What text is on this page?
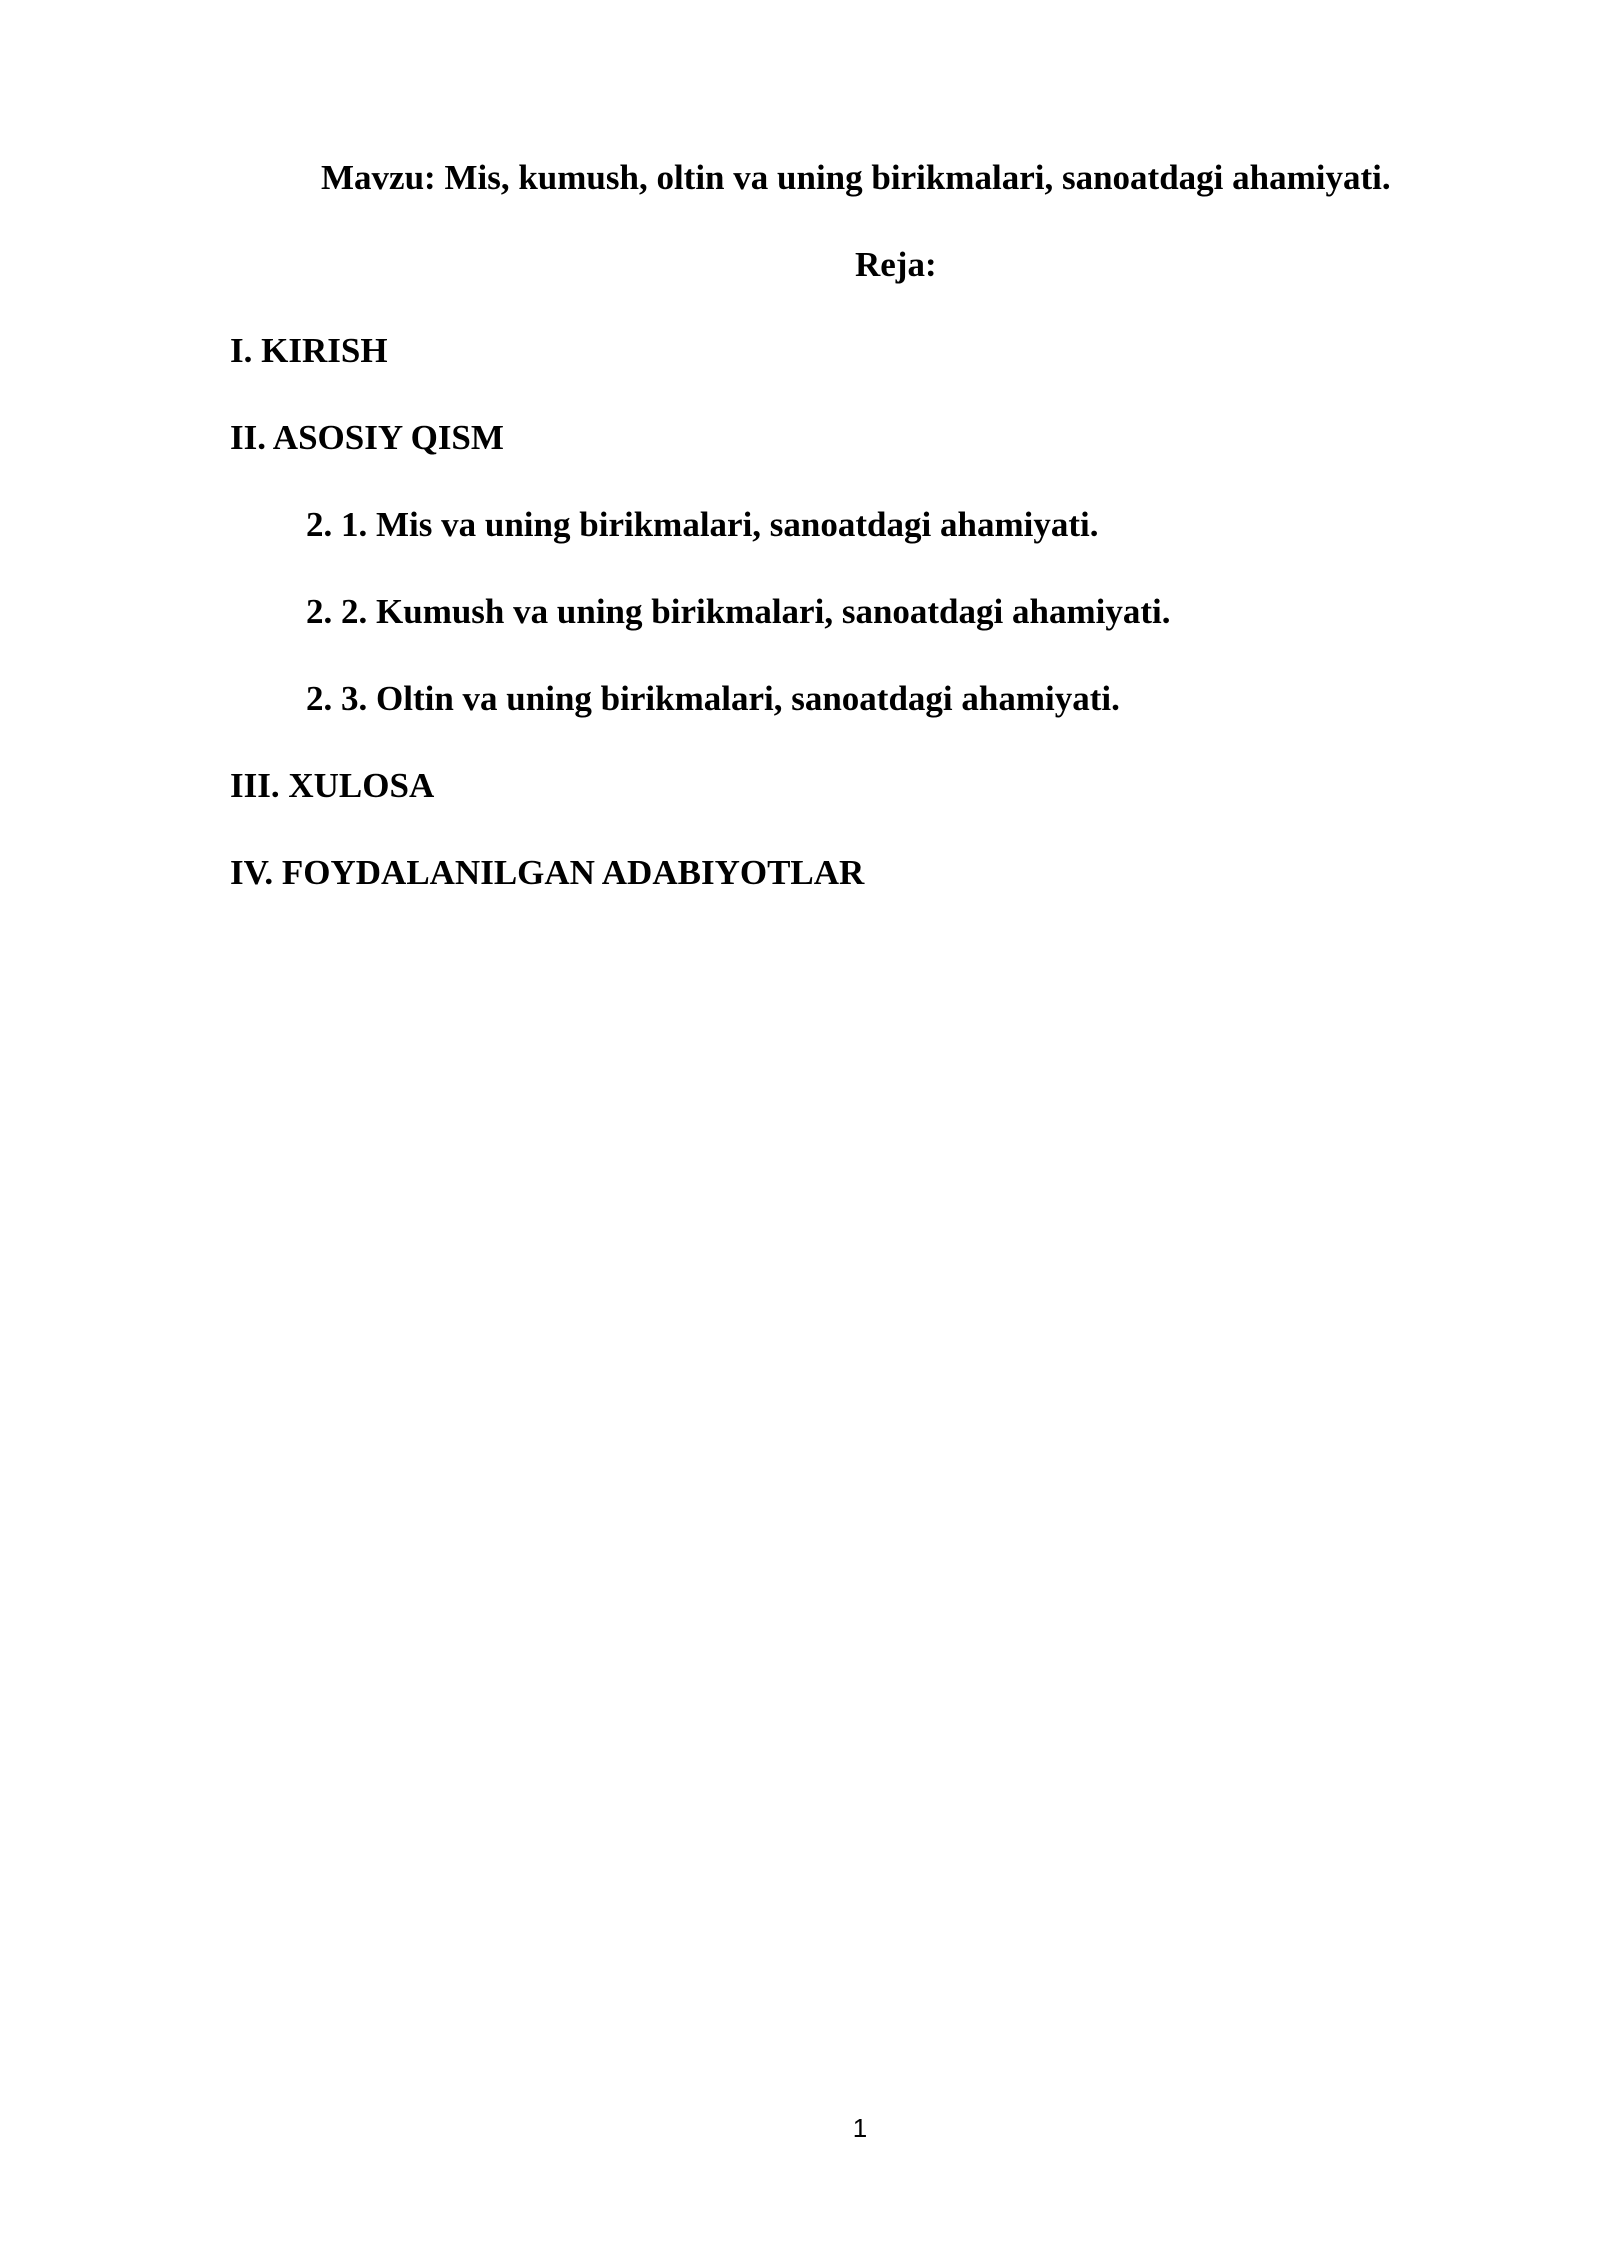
Mavzu: Mis, kumush, oltin va uning birikmalari, sanoatdagi ahamiyati.

Reja:

I. KIRISH

II. ASOSIY QISM

2. 1. Mis va uning birikmalari, sanoatdagi ahamiyati.

2. 2. Kumush va uning birikmalari, sanoatdagi ahamiyati.

2. 3. Oltin va uning birikmalari, sanoatdagi ahamiyati.

III. XULOSA

IV. FOYDALANILGAN ADABIYOTLAR

1
